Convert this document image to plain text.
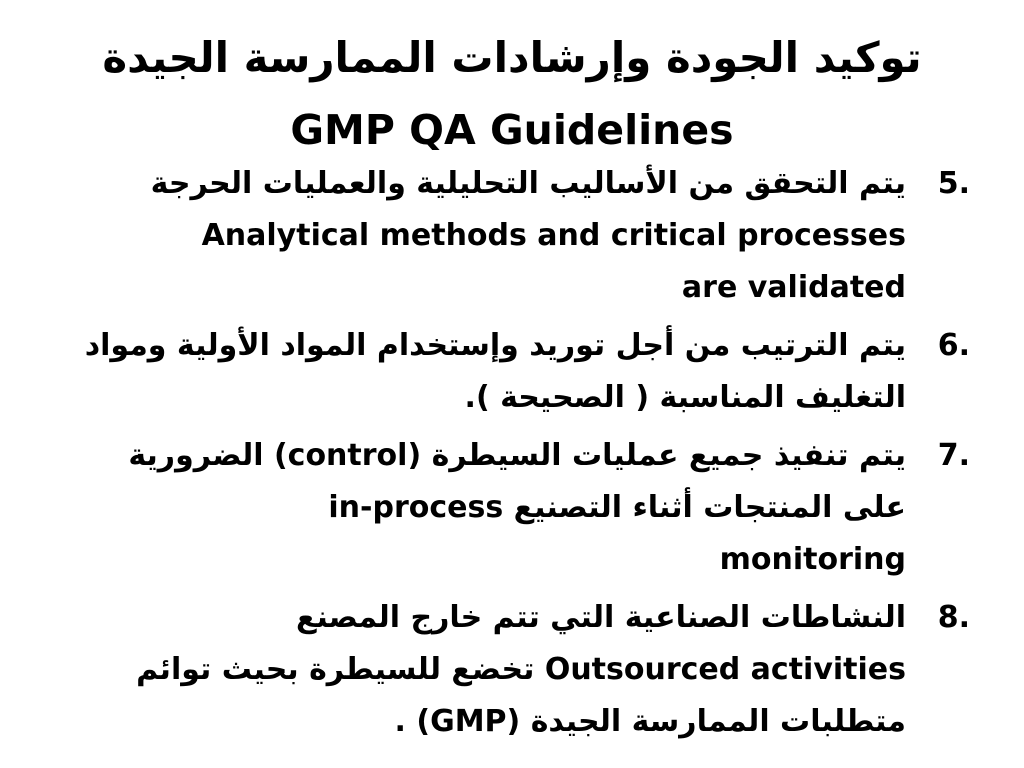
توكيد الجودة وإرشادات الممارسة الجيدة
GMP QA Guidelines
5.
يتم التحقق من الأساليب التحليلية والعمليات الحرجة
Analytical methods and critical processes
are validated
6.
يتم الترتيب من أجل توريد وإستخدام المواد الأولية ومواد
التغليف المناسبة ( الصحيحة ).
7.
يتم تنفيذ جميع عمليات السيطرة (control) الضرورية
على المنتجات أثناء التصنيع in-process
monitoring
8.
النشاطات الصناعية التي تتم خارج المصنع
Outsourced activities تخضع للسيطرة بحيث توائم
متطلبات الممارسة الجيدة (GMP) .
